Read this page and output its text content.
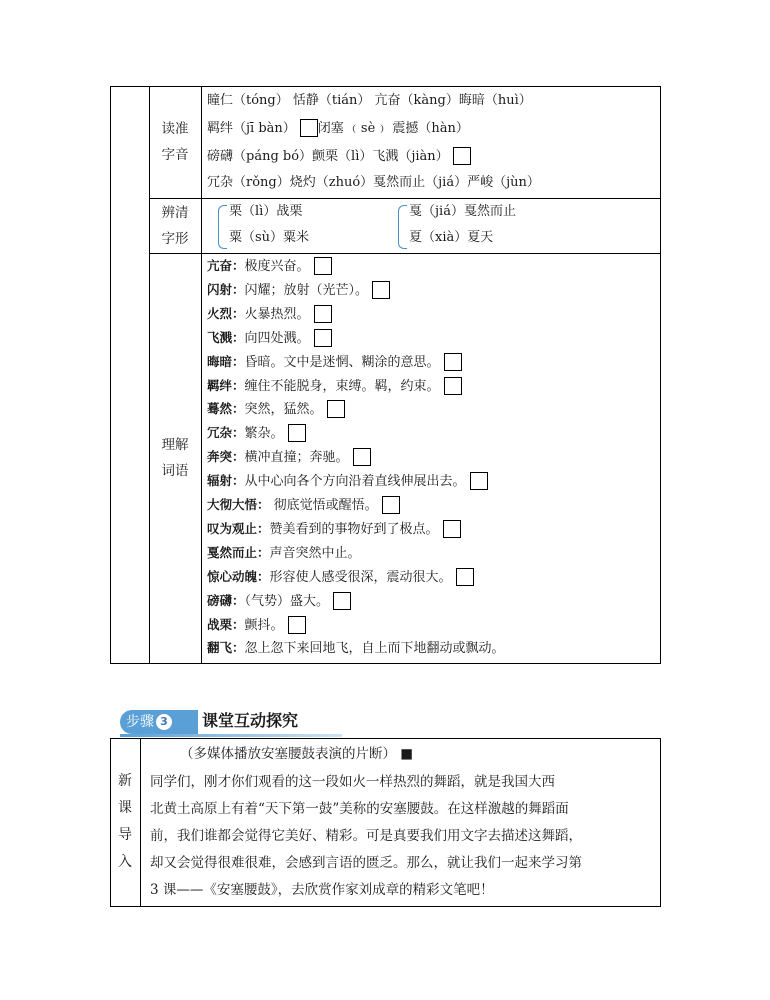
读准
字音
瞳仁（tóng） 恬静（tián） 亢奋（kàng）晦暗（huì）
羁绊（jī bàn） 闭塞 ﹙sè﹚ 震撼（hàn）
磅礴（páng bó）颤栗（lì）飞溅（jiàn）
冗杂（rǒng）烧灼（zhuó）戛然而止（jiá）严峻（jùn）
辨清
字形
栗（lì）战栗
粟（sù）粟米
戛（jiá）戛然而止
夏（xià）夏天
理解
词语
亢奋：极度兴奋。
闪射：闪耀；放射（光芒）。
火烈：火暴热烈。
飞溅：向四处溅。
晦暗：昏暗。文中是迷惘、糊涂的意思。
羁绊：缠住不能脱身，束缚。羁，约束。
蓦然：突然，猛然。
冗杂：繁杂。
奔突：横冲直撞；奔驰。
辐射：从中心向各个方向沿着直线伸展出去。
大彻大悟： 彻底觉悟或醒悟。
叹为观止：赞美看到的事物好到了极点。
戛然而止：声音突然中止。
惊心动魄：形容使人感受很深，震动很大。
磅礴：（气势）盛大。
战栗：颤抖。
翻飞：忽上忽下来回地飞，自上而下地翻动或飘动。
步骤 3	课堂互动探究
新
课
导
入
（多媒体播放安塞腰鼓表演的片断） ■
同学们，刚才你们观看的这一段如火一样热烈的舞蹈，就是我国大西
北黄土高原上有着“天下第一鼓”美称的安塞腰鼓。在这样激越的舞蹈面
前，我们谁都会觉得它美好、精彩。可是真要我们用文字去描述这舞蹈，
却又会觉得很难很难，会感到言语的匮乏。那么，就让我们一起来学习第
3 课——《安塞腰鼓》，去欣赏作家刘成章的精彩文笔吧！
